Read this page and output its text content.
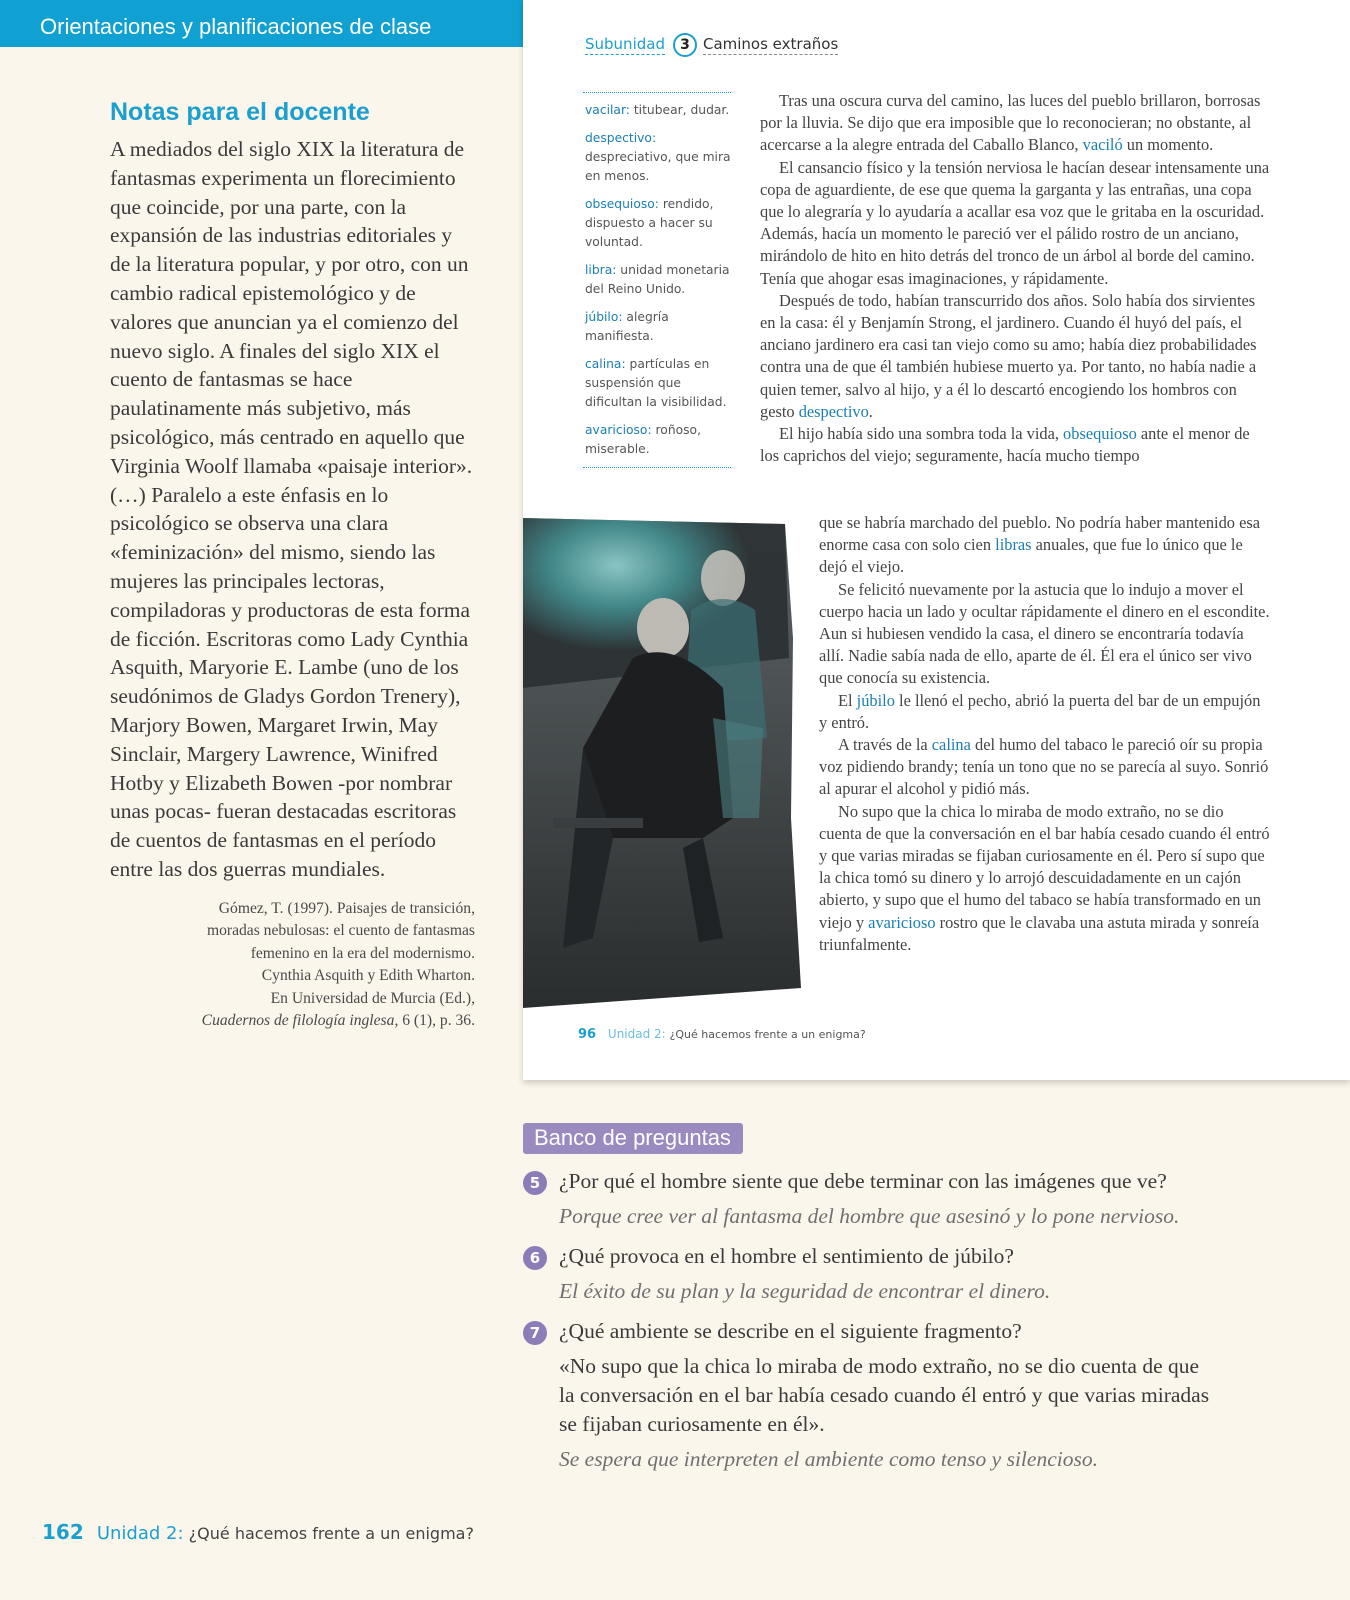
Orientaciones y planificaciones de clase
Notas para el docente

A mediados del siglo XIX la literatura de fantasmas experimenta un florecimiento que coincide, por una parte, con la expansión de las industrias editoriales y de la literatura popular, y por otro, con un cambio radical epistemológico y de valores que anuncian ya el comienzo del nuevo siglo. A finales del siglo XIX el cuento de fantasmas se hace paulatinamente más subjetivo, más psicológico, más centrado en aquello que Virginia Woolf llamaba «paisaje interior». (…) Paralelo a este énfasis en lo psicológico se observa una clara «feminización» del mismo, siendo las mujeres las principales lectoras, compiladoras y productoras de esta forma de ficción. Escritoras como Lady Cynthia Asquith, Maryorie E. Lambe (uno de los seudónimos de Gladys Gordon Trenery), Marjory Bowen, Margaret Irwin, May Sinclair, Margery Lawrence, Winifred Hotby y Elizabeth Bowen -por nombrar unas pocas- fueran destacadas escritoras de cuentos de fantasmas en el período entre las dos guerras mundiales.

Gómez, T. (1997). Paisajes de transición,
moradas nebulosas: el cuento de fantasmas
femenino en la era del modernismo.
Cynthia Asquith y Edith Wharton.
En Universidad de Murcia (Ed.),
Cuadernos de filología inglesa, 6 (1), p. 36.
Subunidad	3 Caminos extraños
vacilar: titubear, dudar.
despectivo: despreciativo, que mira en menos.
obsequioso: rendido, dispuesto a hacer su voluntad.
libra: unidad monetaria del Reino Unido.
júbilo: alegría manifiesta.
calina: partículas en suspensión que dificultan la visibilidad.
avaricioso: roñoso, miserable.

Tras una oscura curva del camino, las luces del pueblo brillaron, borrosas por la lluvia. Se dijo que era imposible que lo reconocieran; no obstante, al acercarse a la alegre entrada del Caballo Blanco, vaciló un momento.

El cansancio físico y la tensión nerviosa le hacían desear intensamente una copa de aguardiente, de ese que quema la garganta y las entrañas, una copa que lo alegraría y lo ayudaría a acallar esa voz que le gritaba en la oscuridad. Además, hacía un momento le pareció ver el pálido rostro de un anciano, mirándolo de hito en hito detrás del tronco de un árbol al borde del camino. Tenía que ahogar esas imaginaciones, y rápidamente.

Después de todo, habían transcurrido dos años. Solo había dos sirvientes en la casa: él y Benjamín Strong, el jardinero. Cuando él huyó del país, el anciano jardinero era casi tan viejo como su amo; había diez probabilidades contra una de que él también hubiese muerto ya. Por tanto, no había nadie a quien temer, salvo al hijo, y a él lo descartó encogiendo los hombros con gesto despectivo.

El hijo había sido una sombra toda la vida, obsequioso ante el menor de los caprichos del viejo; seguramente, hacía mucho tiempo

que se habría marchado del pueblo. No podría haber mantenido esa enorme casa con solo cien libras anuales, que fue lo único que le dejó el viejo.

Se felicitó nuevamente por la astucia que lo indujo a mover el cuerpo hacia un lado y ocultar rápidamente el dinero en el escondite. Aun si hubiesen vendido la casa, el dinero se encontraría todavía allí. Nadie sabía nada de ello, aparte de él. Él era el único ser vivo que conocía su existencia.

El júbilo le llenó el pecho, abrió la puerta del bar de un empujón y entró.

A través de la calina del humo del tabaco le pareció oír su propia voz pidiendo brandy; tenía un tono que no se parecía al suyo. Sonrió al apurar el alcohol y pidió más.

No supo que la chica lo miraba de modo extraño, no se dio cuenta de que la conversación en el bar había cesado cuando él entró y que varias miradas se fijaban curiosamente en él. Pero sí supo que la chica tomó su dinero y lo arrojó descuidadamente en un cajón abierto, y supo que el humo del tabaco se había transformado en un viejo y avaricioso rostro que le clavaba una astuta mirada y sonreía triunfalmente.

96 Unidad 2: ¿Qué hacemos frente a un enigma?
Banco de preguntas
5 ¿Por qué el hombre siente que debe terminar con las imágenes que ve?
Porque cree ver al fantasma del hombre que asesinó y lo pone nervioso.
6 ¿Qué provoca en el hombre el sentimiento de júbilo?
El éxito de su plan y la seguridad de encontrar el dinero.
7 ¿Qué ambiente se describe en el siguiente fragmento?
«No supo que la chica lo miraba de modo extraño, no se dio cuenta de que la conversación en el bar había cesado cuando él entró y que varias miradas se fijaban curiosamente en él».
Se espera que interpreten el ambiente como tenso y silencioso.
162 Unidad 2: ¿Qué hacemos frente a un enigma?
